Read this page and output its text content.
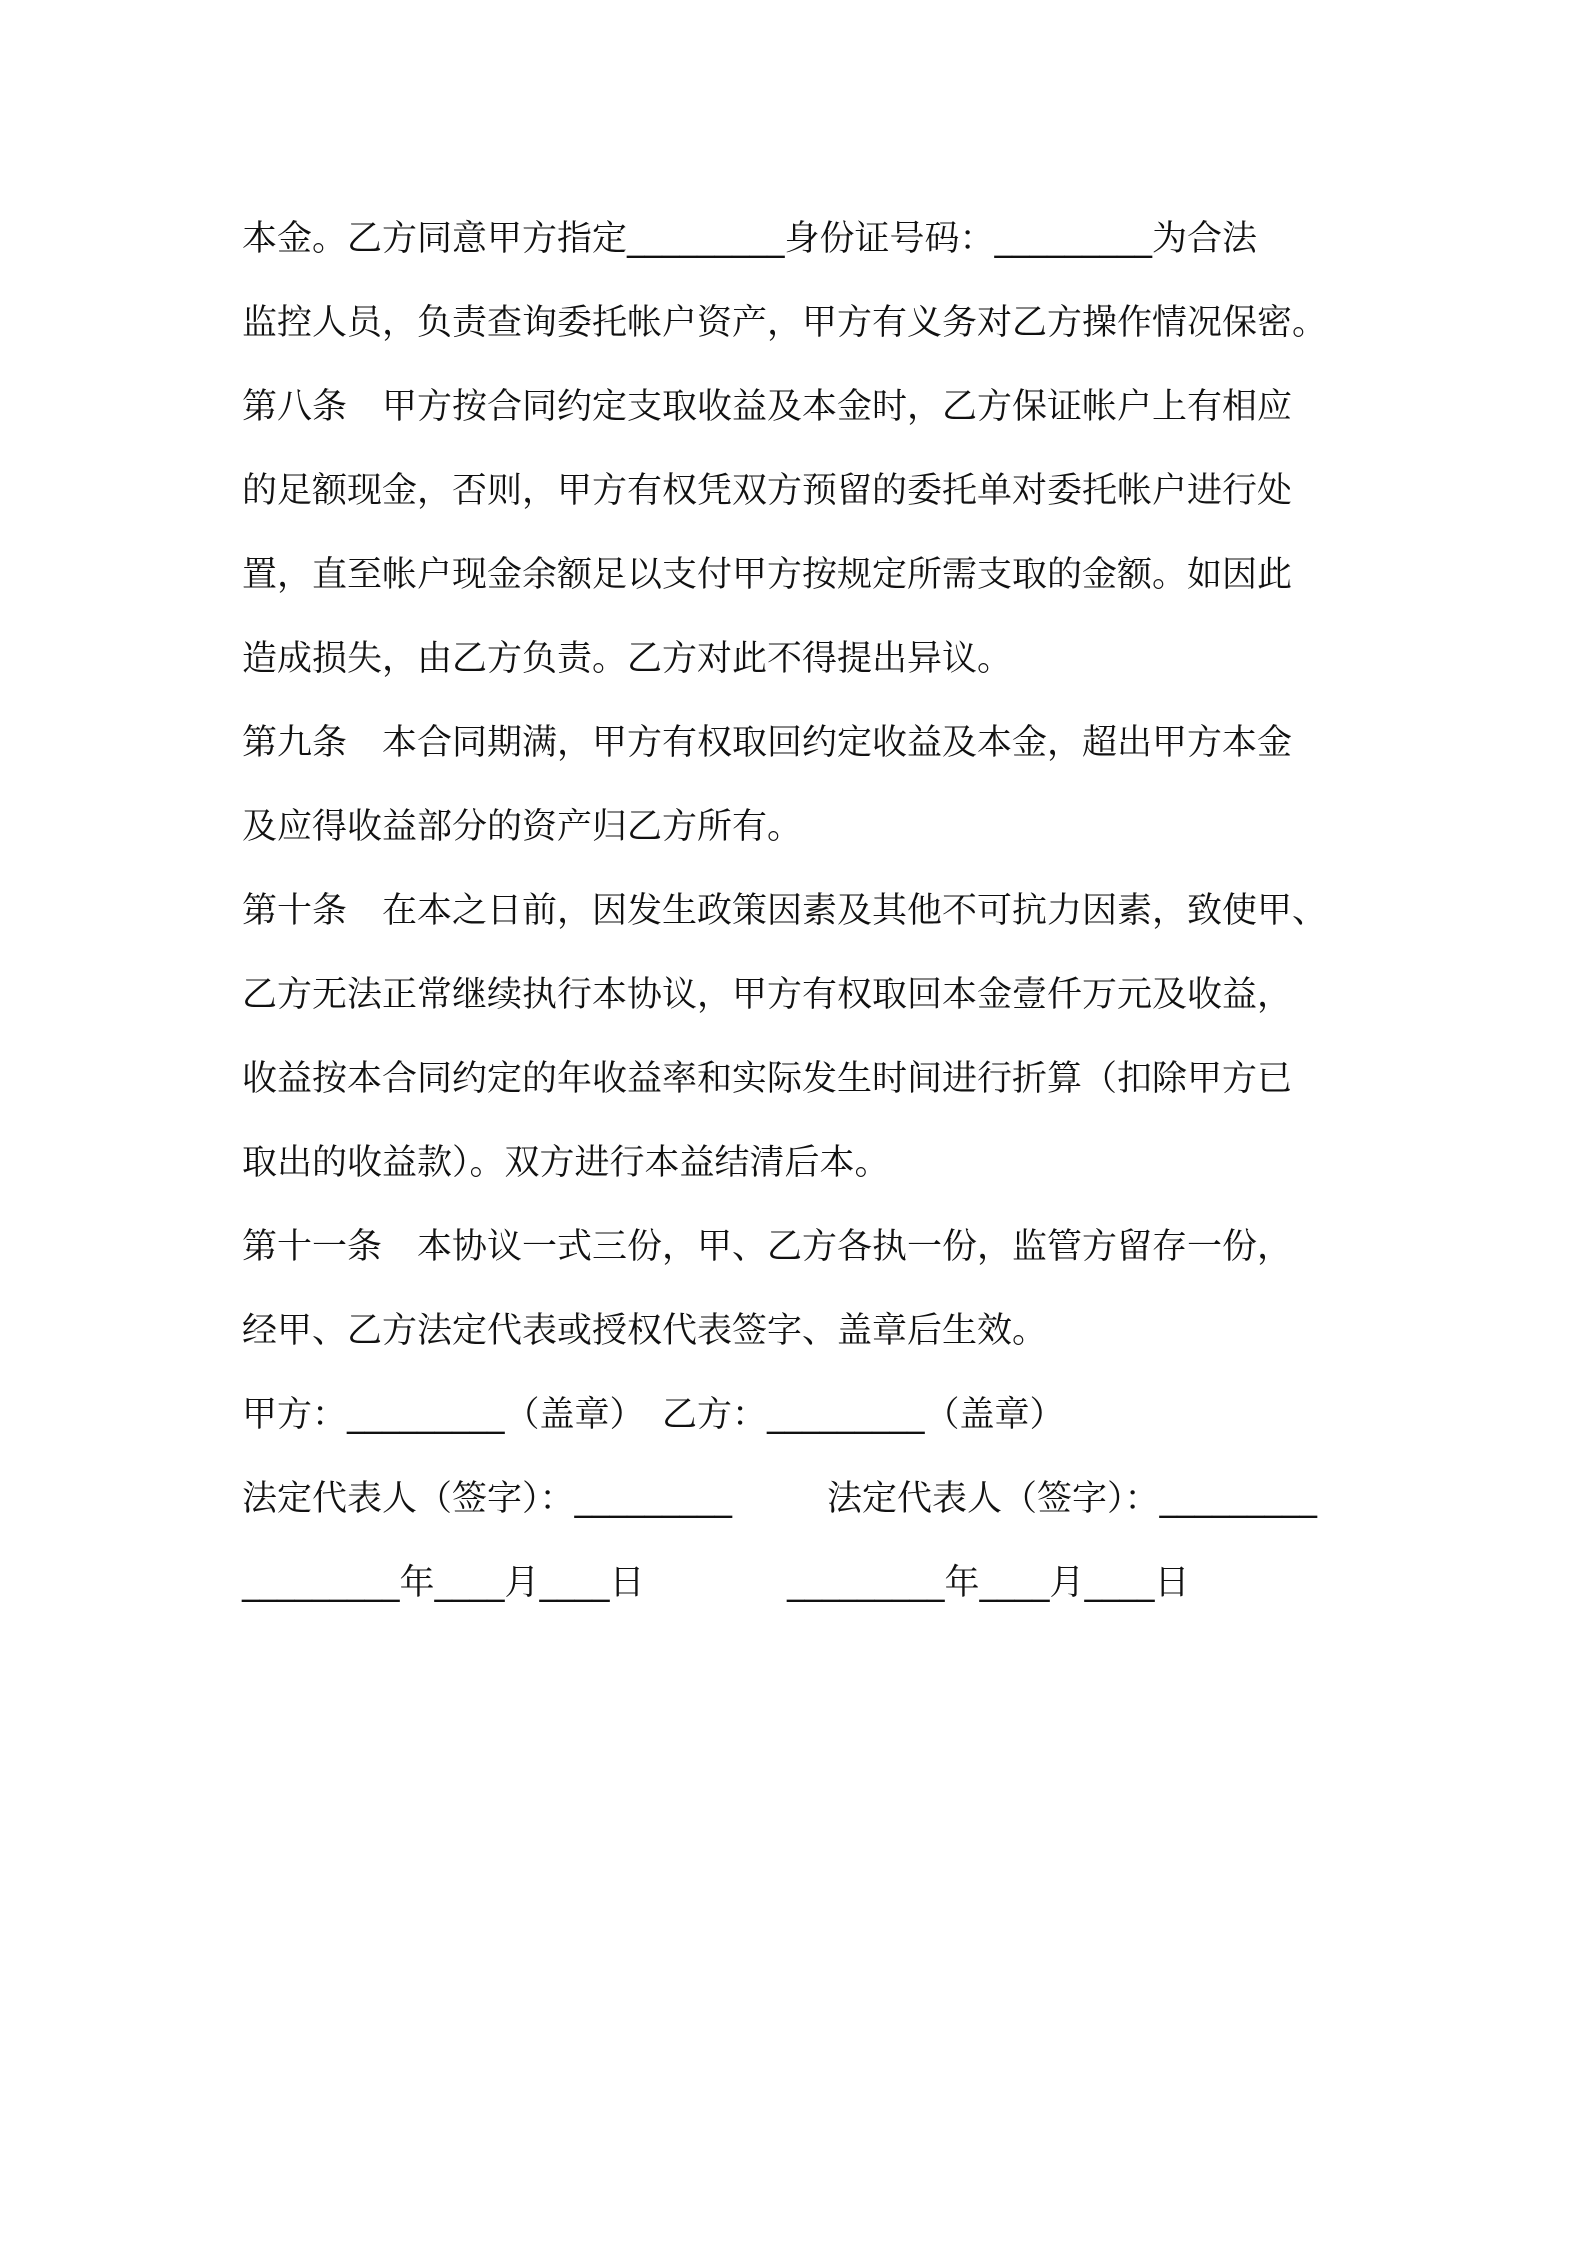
本金。乙方同意甲方指定_________身份证号码：_________为合法
监控人员，负责查询委托帐户资产，甲方有义务对乙方操作情况保密。
第八条　甲方按合同约定支取收益及本金时，乙方保证帐户上有相应
的足额现金，否则，甲方有权凭双方预留的委托单对委托帐户进行处
置，直至帐户现金余额足以支付甲方按规定所需支取的金额。如因此
造成损失，由乙方负责。乙方对此不得提出异议。
第九条　本合同期满，甲方有权取回约定收益及本金，超出甲方本金
及应得收益部分的资产归乙方所有。
第十条　在本之日前，因发生政策因素及其他不可抗力因素，致使甲、
乙方无法正常继续执行本协议，甲方有权取回本金壹仟万元及收益，
收益按本合同约定的年收益率和实际发生时间进行折算（扣除甲方已
取出的收益款）。双方进行本益结清后本。
第十一条　本协议一式三份，甲、乙方各执一份，监管方留存一份，
经甲、乙方法定代表或授权代表签字、盖章后生效。
甲方：_________（盖章）　乙方：_________（盖章）
法定代表人（签字）：_________	法定代表人（签字）：_________
_________年____月____日	_________年____月____日
